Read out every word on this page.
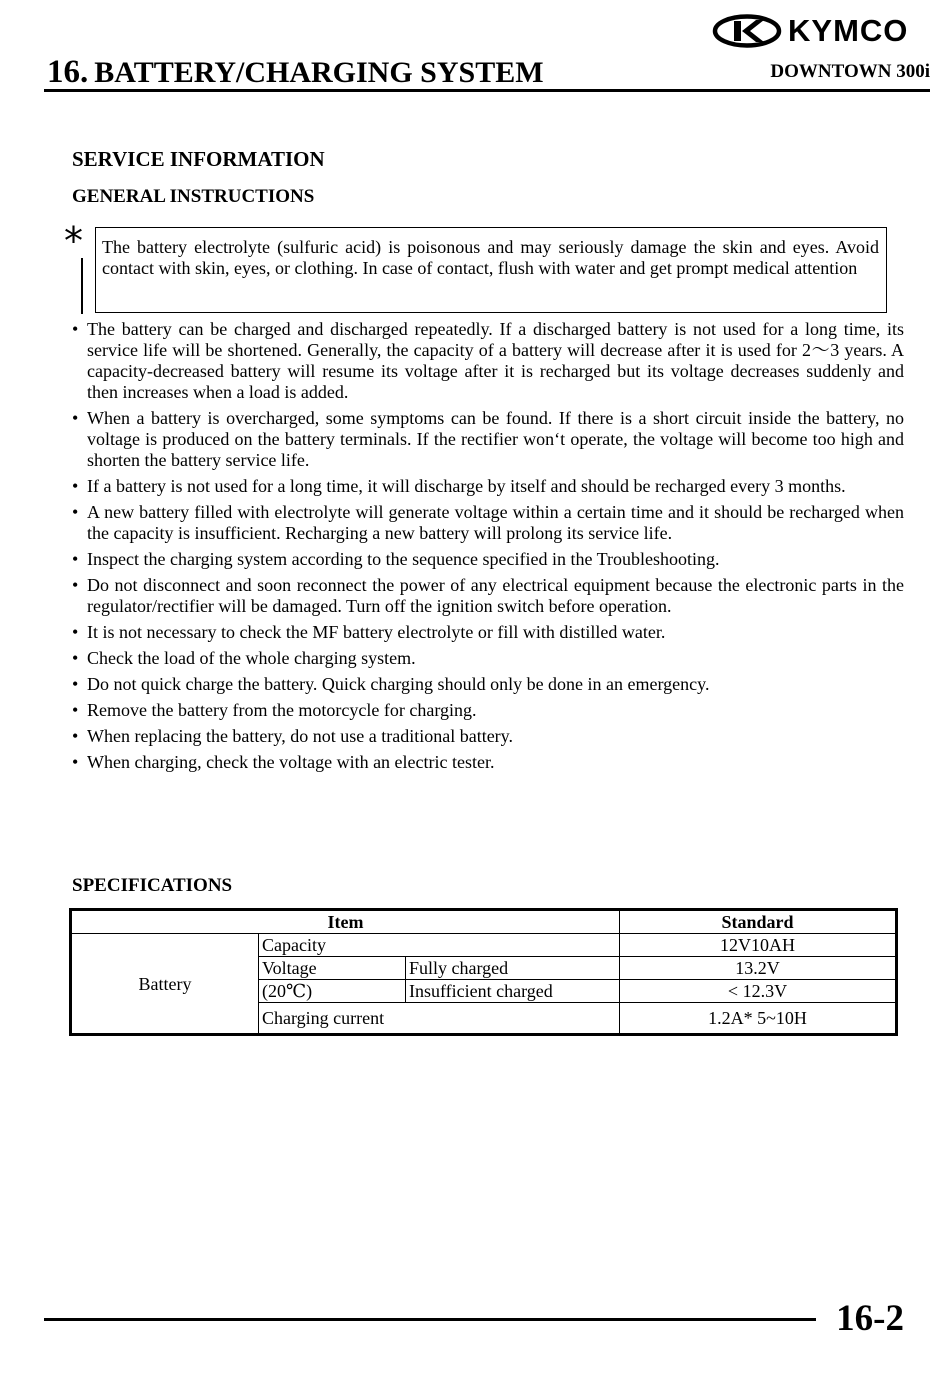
KYMCO
16. BATTERY/CHARGING SYSTEM	DOWNTOWN 300i
SERVICE INFORMATION
GENERAL INSTRUCTIONS
*	The battery electrolyte (sulfuric acid) is poisonous and may seriously damage the skin and eyes. Avoid contact with skin, eyes, or clothing. In case of contact, flush with water and get prompt medical attention
• The battery can be charged and discharged repeatedly. If a discharged battery is not used for a long time, its service life will be shortened. Generally, the capacity of a battery will decrease after it is used for 2～3 years. A capacity-decreased battery will resume its voltage after it is recharged but its voltage decreases suddenly and then increases when a load is added.
• When a battery is overcharged, some symptoms can be found. If there is a short circuit inside the battery, no voltage is produced on the battery terminals. If the rectifier won‘t operate, the voltage will become too high and shorten the battery service life.
• If a battery is not used for a long time, it will discharge by itself and should be recharged every 3 months.
• A new battery filled with electrolyte will generate voltage within a certain time and it should be recharged when the capacity is insufficient. Recharging a new battery will prolong its service life.
• Inspect the charging system according to the sequence specified in the Troubleshooting.
• Do not disconnect and soon reconnect the power of any electrical equipment because the electronic parts in the regulator/rectifier will be damaged. Turn off the ignition switch before operation.
• It is not necessary to check the MF battery electrolyte or fill with distilled water.
• Check the load of the whole charging system.
• Do not quick charge the battery. Quick charging should only be done in an emergency.
• Remove the battery from the motorcycle for charging.
• When replacing the battery, do not use a traditional battery.
• When charging, check the voltage with an electric tester.
SPECIFICATIONS
Item			Standard
Battery	Capacity		12V10AH
	Voltage	Fully charged	13.2V
	(20℃)	Insufficient charged	< 12.3V
	Charging current		1.2A* 5~10H
16-2
